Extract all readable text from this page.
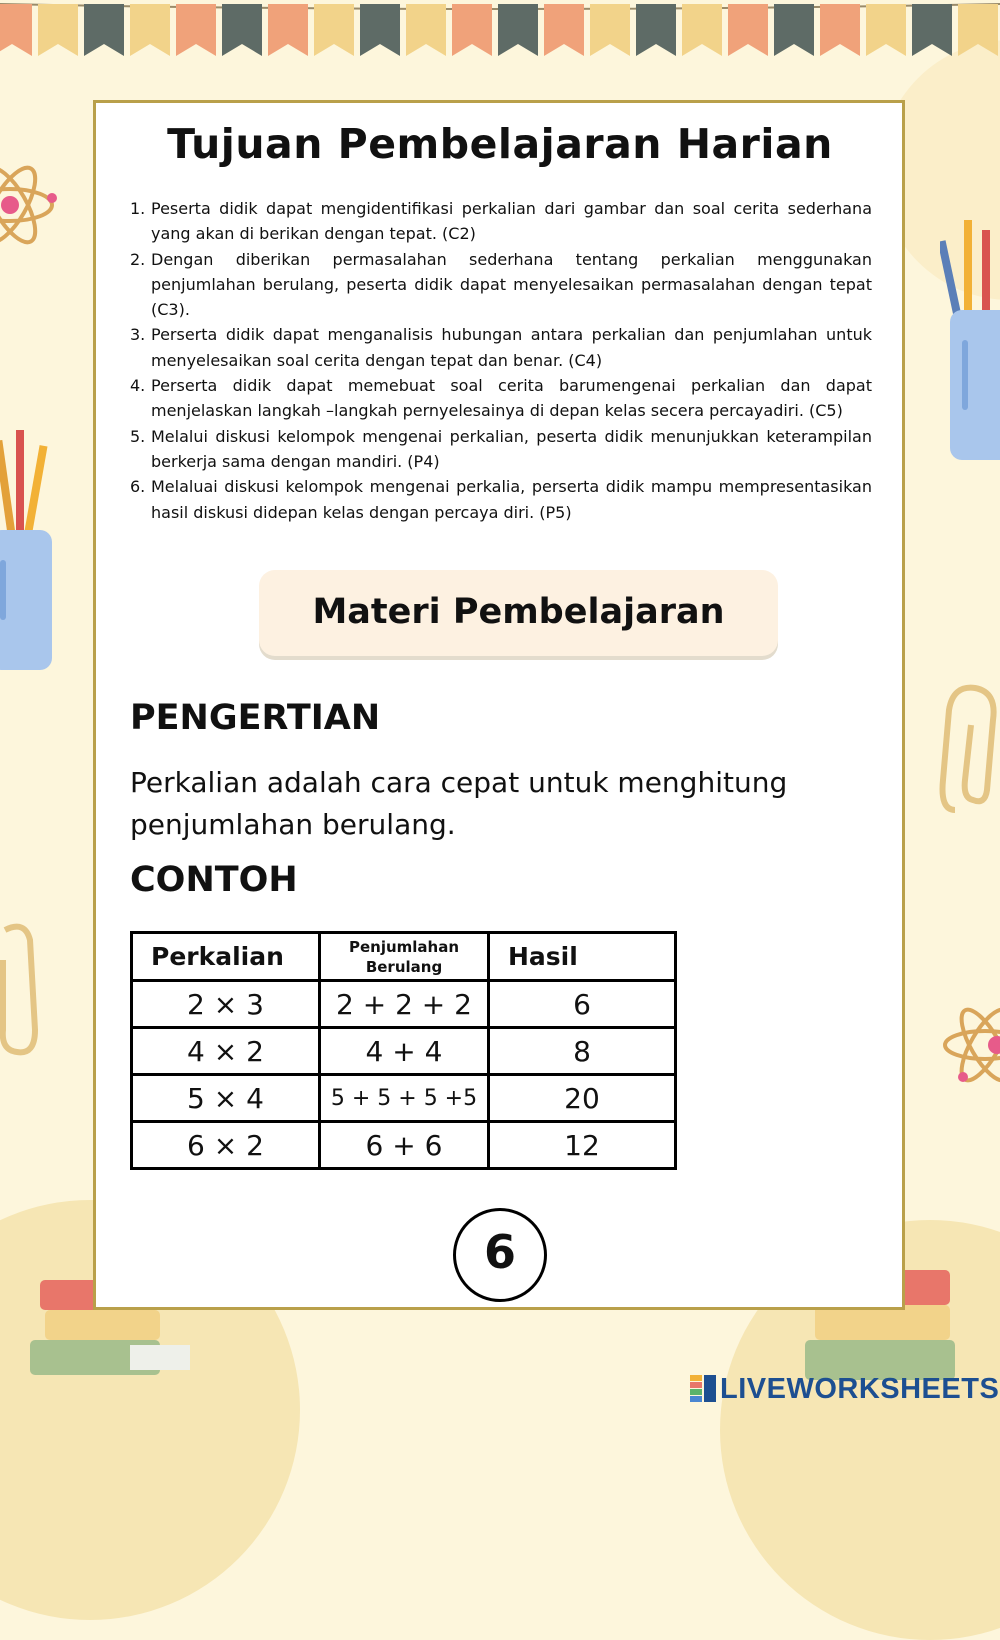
Tujuan Pembelajaran Harian
1. Peserta didik dapat mengidentifikasi perkalian dari gambar dan soal cerita sederhana yang akan di berikan dengan tepat. (C2)
2. Dengan diberikan permasalahan sederhana tentang perkalian menggunakan penjumlahan berulang, peserta didik dapat menyelesaikan permasalahan dengan tepat (C3).
3. Perserta didik dapat menganalisis hubungan antara perkalian dan penjumlahan untuk menyelesaikan soal cerita dengan tepat dan benar. (C4)
4. Perserta didik dapat memebuat soal cerita barumengenai perkalian dan dapat menjelaskan langkah –langkah pernyelesainya di depan kelas secera percayadiri. (C5)
5. Melalui diskusi kelompok mengenai perkalian, peserta didik menunjukkan keterampilan berkerja sama dengan mandiri. (P4)
6. Melaluai diskusi kelompok mengenai perkalia, perserta didik mampu mempresentasikan hasil diskusi didepan kelas dengan percaya diri. (P5)
Materi Pembelajaran
PENGERTIAN
Perkalian adalah cara cepat untuk menghitung penjumlahan berulang.
CONTOH
Perkalian	Penjumlahan Berulang	Hasil
2 × 3	2 + 2 + 2	6
4 × 2	4 + 4	8
5 × 4	5 + 5 + 5 +5	20
6 × 2	6 + 6	12
6
LIVEWORKSHEETS
